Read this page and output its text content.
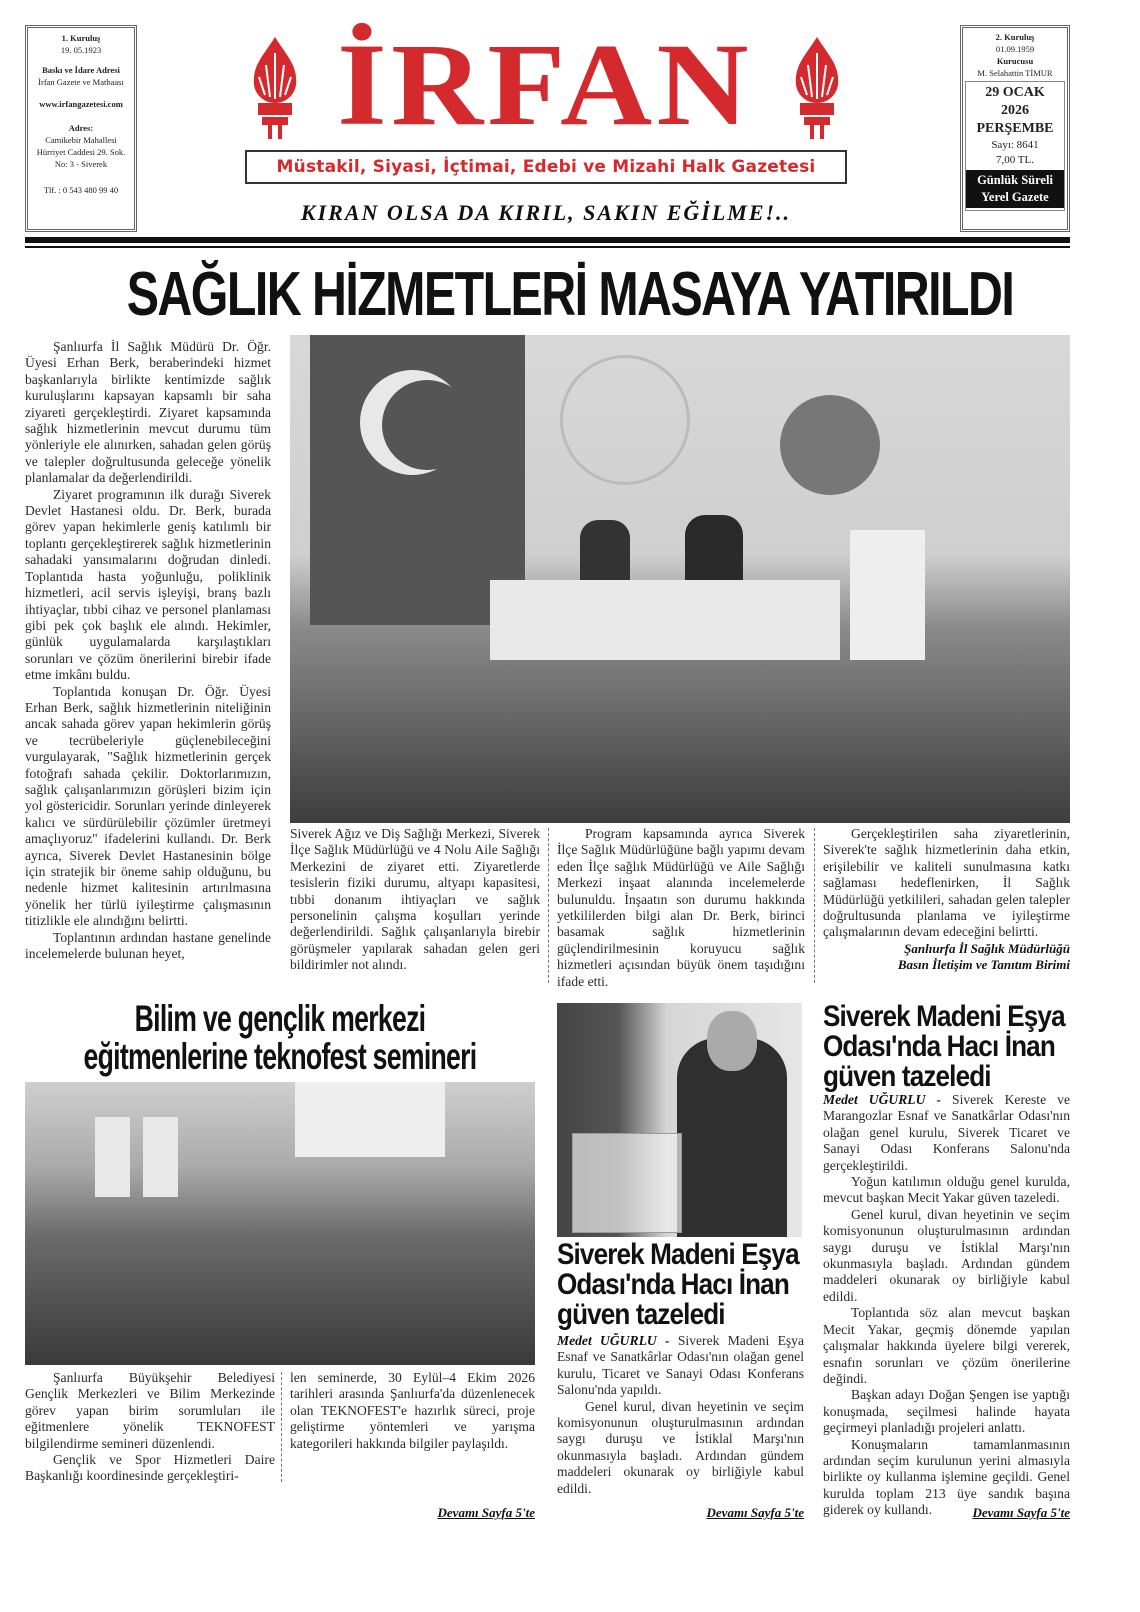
1. Kuruluş
19. 05.1923
Baskı ve İdare Adresi
İrfan Gazete ve Matbaası
www.irfangazetesi.com
Adres:
Camikebir Mahallesi
Hürriyet Caddesi 29. Sok.
No: 3 - Siverek
Tlf. : 0 543 480 99 40
İRFAN
Müstakil, Siyasi, İçtimai, Edebi ve Mizahi Halk Gazetesi
KIRAN OLSA DA KIRIL, SAKIN EĞİLME!..
2. Kuruluş
01.09.1959
Kurucusu
M. Selahattin TİMUR
29 OCAK
2026
PERŞEMBE
Sayı: 8641
7,00 TL.
Günlük Süreli
Yerel Gazete
SAĞLIK HİZMETLERİ MASAYA YATIRILDI

Şanlıurfa İl Sağlık Müdürü Dr. Öğr. Üyesi Erhan Berk, beraberindeki hizmet başkanlarıyla birlikte kentimizde sağlık kuruluşlarını kapsayan kapsamlı bir saha ziyareti gerçekleştirdi. Ziyaret kapsamında sağlık hizmetlerinin mevcut durumu tüm yönleriyle ele alınırken, sahadan gelen görüş ve talepler doğrultusunda geleceğe yönelik planlamalar da değerlendirildi.

Ziyaret programının ilk durağı Siverek Devlet Hastanesi oldu. Dr. Berk, burada görev yapan hekimlerle geniş katılımlı bir toplantı gerçekleştirerek sağlık hizmetlerinin sahadaki yansımalarını doğrudan dinledi. Toplantıda hasta yoğunluğu, poliklinik hizmetleri, acil servis işleyişi, branş bazlı ihtiyaçlar, tıbbi cihaz ve personel planlaması gibi pek çok başlık ele alındı. Hekimler, günlük uygulamalarda karşılaştıkları sorunları ve çözüm önerilerini birebir ifade etme imkânı buldu.

Toplantıda konuşan Dr. Öğr. Üyesi Erhan Berk, sağlık hizmetlerinin niteliğinin ancak sahada görev yapan hekimlerin görüş ve tecrübeleriyle güçlenebileceğini vurgulayarak, "Sağlık hizmetlerinin gerçek fotoğrafı sahada çekilir. Doktorlarımızın, sağlık çalışanlarımızın görüşleri bizim için yol göstericidir. Sorunları yerinde dinleyerek kalıcı ve sürdürülebilir çözümler üretmeyi amaçlıyoruz" ifadelerini kullandı. Dr. Berk ayrıca, Siverek Devlet Hastanesinin bölge için stratejik bir öneme sahip olduğunu, bu nedenle hizmet kalitesinin artırılmasına yönelik her türlü iyileştirme çalışmasının titizlikle ele alındığını belirtti.

Toplantının ardından hastane genelinde incelemelerde bulunan heyet,

Siverek Ağız ve Diş Sağlığı Merkezi, Siverek İlçe Sağlık Müdürlüğü ve 4 Nolu Aile Sağlığı Merkezini de ziyaret etti. Ziyaretlerde tesislerin fiziki durumu, altyapı kapasitesi, tıbbi donanım ihtiyaçları ve sağlık personelinin çalışma koşulları yerinde değerlendirildi. Sağlık çalışanlarıyla birebir görüşmeler yapılarak sahadan gelen geri bildirimler not alındı.

Program kapsamında ayrıca Siverek İlçe Sağlık Müdürlüğüne bağlı yapımı devam eden İlçe sağlık Müdürlüğü ve Aile Sağlığı Merkezi inşaat alanında incelemelerde bulunuldu. İnşaatın son durumu hakkında yetkililerden bilgi alan Dr. Berk, birinci basamak sağlık hizmetlerinin güçlendirilmesinin koruyucu sağlık hizmetleri açısından büyük önem taşıdığını ifade etti.

Gerçekleştirilen saha ziyaretlerinin, Siverek'te sağlık hizmetlerinin daha etkin, erişilebilir ve kaliteli sunulmasına katkı sağlaması hedeflenirken, İl Sağlık Müdürlüğü yetkilileri, sahadan gelen talepler doğrultusunda planlama ve iyileştirme çalışmalarının devam edeceğini belirtti.

Şanlıurfa İl Sağlık Müdürlüğü
Basın İletişim ve Tanıtım Birimi
Bilim ve gençlik merkezi
eğitmenlerine teknofest semineri

Şanlıurfa Büyükşehir Belediyesi Gençlik Merkezleri ve Bilim Merkezinde görev yapan birim sorumluları ile eğitmenlere yönelik TEKNOFEST bilgilendirme semineri düzenlendi.

Gençlik ve Spor Hizmetleri Daire Başkanlığı koordinesinde gerçekleştiri-

len seminerde, 30 Eylül–4 Ekim 2026 tarihleri arasında Şanlıurfa'da düzenlenecek olan TEKNOFEST'e hazırlık süreci, proje geliştirme yöntemleri ve yarışma kategorileri hakkında bilgiler paylaşıldı.

Devamı Sayfa 5'te
Siverek Madeni Eşya Odası'nda Hacı İnan güven tazeledi

Medet UĞURLU - Siverek Madeni Eşya Esnaf ve Sanatkârlar Odası'nın olağan genel kurulu, Ticaret ve Sanayi Odası Konferans Salonu'nda yapıldı.

Genel kurul, divan heyetinin ve seçim komisyonunun oluşturulmasının ardından saygı duruşu ve İstiklal Marşı'nın okunmasıyla başladı. Ardından gündem maddeleri okunarak oy birliğiyle kabul edildi.

Devamı Sayfa 5'te
Siverek Madeni Eşya Odası'nda Hacı İnan güven tazeledi

Medet UĞURLU - Siverek Kereste ve Marangozlar Esnaf ve Sanatkârlar Odası'nın olağan genel kurulu, Siverek Ticaret ve Sanayi Odası Konferans Salonu'nda gerçekleştirildi.

Yoğun katılımın olduğu genel kurulda, mevcut başkan Mecit Yakar güven tazeledi.

Genel kurul, divan heyetinin ve seçim komisyonunun oluşturulmasının ardından saygı duruşu ve İstiklal Marşı'nın okunmasıyla başladı. Ardından gündem maddeleri okunarak oy birliğiyle kabul edildi.

Toplantıda söz alan mevcut başkan Mecit Yakar, geçmiş dönemde yapılan çalışmalar hakkında üyelere bilgi vererek, esnafın sorunları ve çözüm önerilerine değindi.

Başkan adayı Doğan Şengen ise yaptığı konuşmada, seçilmesi halinde hayata geçirmeyi planladığı projeleri anlattı.

Konuşmaların tamamlanmasının ardından seçim kurulunun yerini almasıyla birlikte oy kullanma işlemine geçildi. Genel kurulda toplam 213 üye sandık başına giderek oy kullandı.	Devamı Sayfa 5'te
